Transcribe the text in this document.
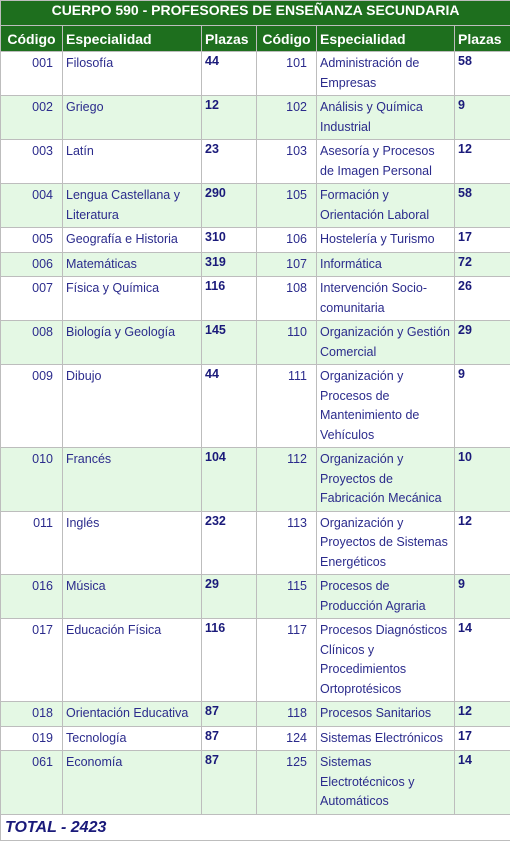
CUERPO 590 - PROFESORES DE ENSEÑANZA SECUNDARIA					
Código	Especialidad	Plazas	Código	Especialidad	Plazas
001	Filosofía	44	101	Administración de Empresas	58
002	Griego	12	102	Análisis y Química Industrial	9
003	Latín	23	103	Asesoría y Procesos de Imagen Personal	12
004	Lengua Castellana y Literatura	290	105	Formación y Orientación Laboral	58
005	Geografía e Historia	310	106	Hostelería y Turismo	17
006	Matemáticas	319	107	Informática	72
007	Física y Química	116	108	Intervención Socio-comunitaria	26
008	Biología y Geología	145	110	Organización y Gestión Comercial	29
009	Dibujo	44	111	Organización y Procesos de Mantenimiento de Vehículos	9
010	Francés	104	112	Organización y Proyectos de Fabricación Mecánica	10
011	Inglés	232	113	Organización y Proyectos de Sistemas Energéticos	12
016	Música	29	115	Procesos de Producción Agraria	9
017	Educación Física	116	117	Procesos Diagnósticos Clínicos y Procedimientos Ortoprotésicos	14
018	Orientación Educativa	87	118	Procesos Sanitarios	12
019	Tecnología	87	124	Sistemas Electrónicos	17
061	Economía	87	125	Sistemas Electrotécnicos y Automáticos	14
TOTAL - 2423					
